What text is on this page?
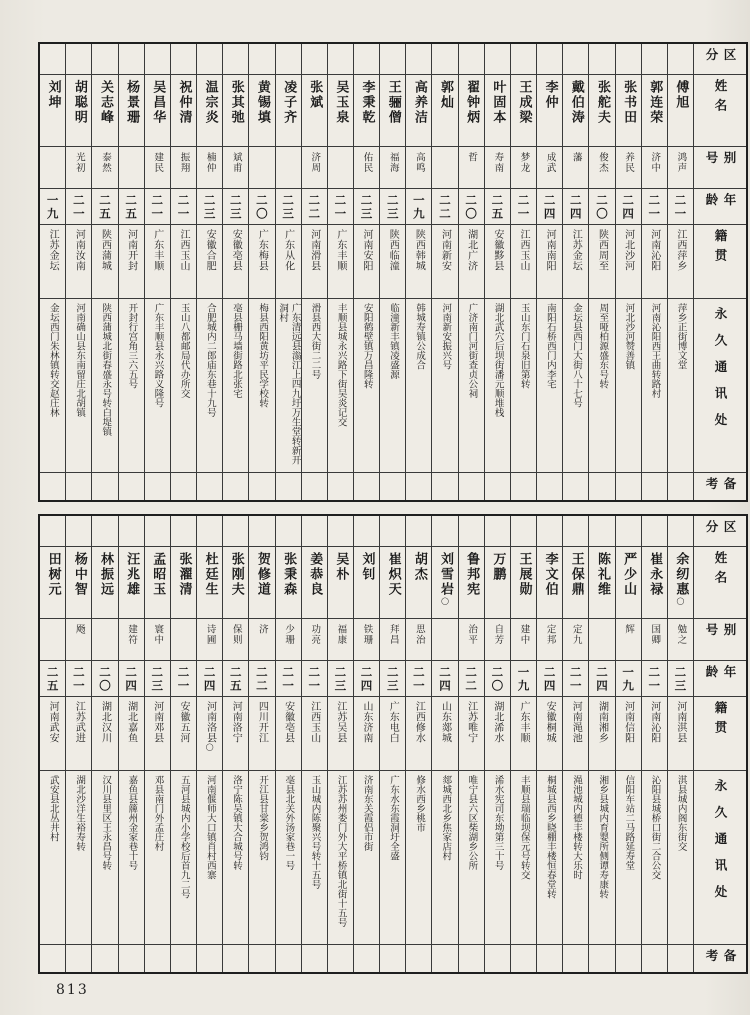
区分
姓名
别号
年龄
籍贯
永久通讯处
备考
傅旭
鸿声
二一
江西萍乡
萍乡正街博文堂
郭连荣
济中
二一
河南沁阳
河南沁阳西王曲转路村
张书田
养民
二四
河北沙河
河北沙河赞善镇
张舵夫
俊杰
二〇
陕西周至
周至哑柏源盛东号转
戴伯涛
藩
二四
江苏金坛
金坛县西门大街八十七号
李仲
成武
二四
河南南阳
南阳石桥西门内李宅
王成梁
梦龙
二一
江西玉山
玉山东门石泉旧第转
叶固本
寿南
二五
安徽黟县
湖北武穴后坝街潘元顺堆栈
翟钟炳
哲
二〇
湖北广济
广济南门河街查贞公祠
郭灿
二二
河南新安
河南新安振兴号
高养洁
高鸣
一九
陕西韩城
韩城寿镇公成合
王骊僧
福海
二三
陕西临潼
临潼新丰镇凌盛源
李秉乾
佑民
二三
河南安阳
安阳鹤壁镇万昌隆转
吴玉泉
二一
广东丰顺
丰顺县城永兴路下街吴炎记交
张斌
济周
二二
河南滑县
滑县西大街二二号
凌子齐
二三
广东从化
广东清远县滃江上四九圩万生堂转新开洞村
黄锡填
二〇
广东梅县
梅县西阳黄坊平民学校转
张其弛
斌甫
二三
安徽亳县
亳县栅马墙街路北张宅
温宗炎
楠仲
二三
安徽合肥
合肥城内二郎庙东巷十九号
祝仲清
振翔
二一
江西玉山
玉山八都邮局代办所交
吴昌华
建民
二一
广东丰顺
广东丰顺县永兴路义隆号
杨景珊
二五
河南开封
开封行宫角三六五号
关志峰
泰然
二五
陕西蒲城
陕西蒲城北街春盛永号转白堤镇
胡聪明
光初
二一
河南汝南
河南确山县东南留庄北胡镇
刘坤
一九
江苏金坛
金坛西门朱林镇转交赵庄林
区分
姓名
别号
年龄
籍贯
永久通讯处
备考
余纫惠◯
勉之
二三
河南淇县
淇县城内阁东街交
崔永禄
国卿
二一
河南沁阳
沁阳县城桥口街二合公交
严少山
辉
一九
河南信阳
信阳车站二马路延寿堂
陈礼维
二四
湖南湘乡
湘乡县城内育婴所侧谭寿康转
王保鼎
定九
二一
河南渑池
渑池城内德丰楼转大乐时
李文伯
定邦
二四
安徽桐城
桐城县西乡晓棚丰楼恒春堂转
王展勋
建中
一九
广东丰顺
丰顺县瑞临坝保元号转交
万鹏
自芳
二〇
湖北浠水
浠水宪司东坳第三十号
鲁邦宪
治平
二二
江苏唯宁
唯宁县六区柴湖乡公所
刘雪岩◯
二四
山东郯城
郯城西北乡焦家店村
胡杰
思治
二一
江西修水
修水西乡桃市
崔炽天
拜昌
二三
广东电白
广东水东霞洞圩全盛
刘钊
铁珊
二四
山东济南
济南东关霞侣市街
吴朴
福康
二三
江苏吴县
江苏苏州娄门外大平桥镇北街十五号
姜恭良
功亮
二一
江西玉山
玉山城内陈聚兴号转十五号
张秉森
少珊
二一
安徽亳县
亳县北关外汤家巷一号
贺修道
济
二二
四川开江
开江县甘棠乡贺鸿钧
张刚夫
保则
二五
河南洛宁
洛宁陈吴镇大合城号转
杜廷生
诗圃
二四
河南洛县◯
河南偃师大口镇肖村西寨
张濯清
二一
安徽五河
五河县城内小学校后首九二号
孟昭玉
寰中
二三
河南邓县
邓县南门外孟庄村
汪兆雄
建符
二四
湖北嘉鱼
嘉鱼县簰州金家巷十号
林振远
二〇
湖北汉川
汉川县里区王永昌号转
杨中智
飏
二一
江苏武进
湖北沙洋生裕寿转
田树元
二五
河南武安
武安县北丛井村
813
